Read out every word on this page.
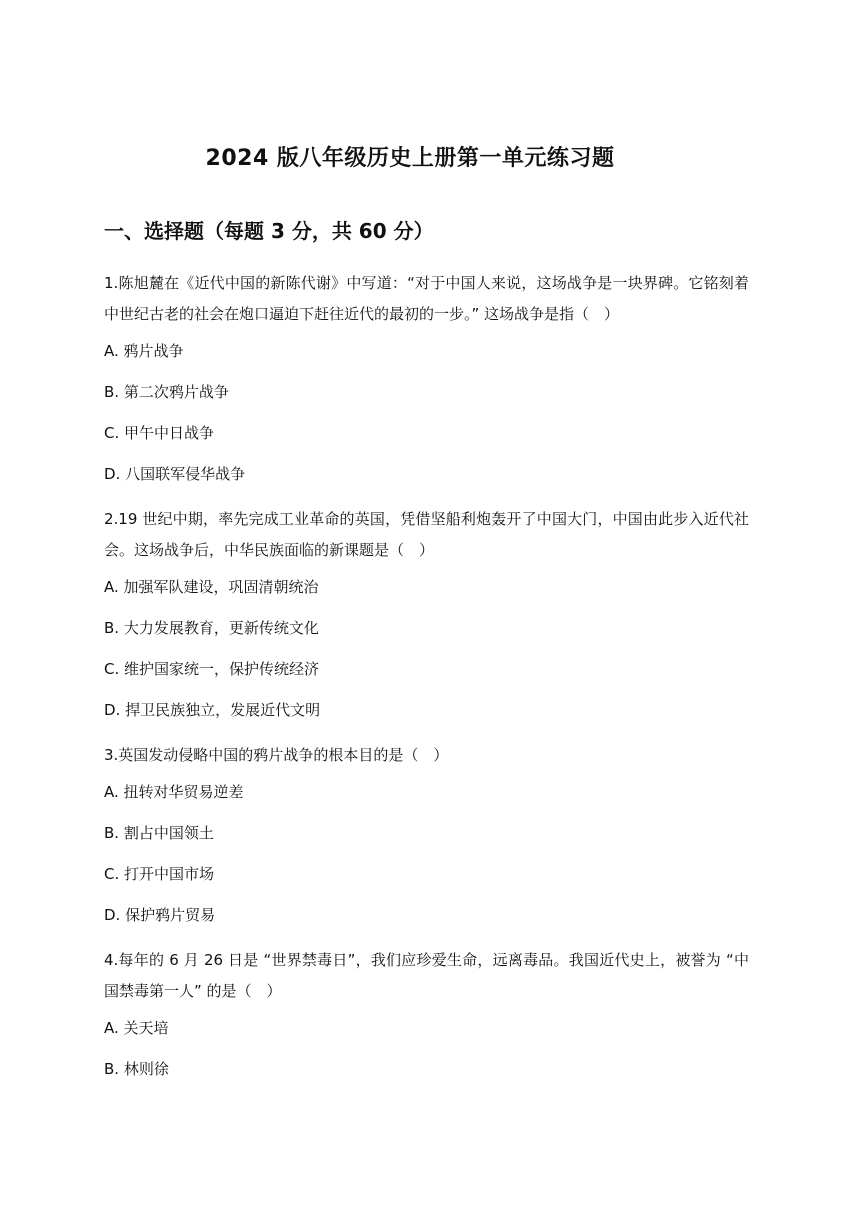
2024 版八年级历史上册第一单元练习题
一、选择题（每题 3 分，共 60 分）
1.陈旭麓在《近代中国的新陈代谢》中写道：“对于中国人来说，这场战争是一块界碑。它铭刻着中世纪古老的社会在炮口逼迫下赶往近代的最初的一步。” 这场战争是指（　）
A. 鸦片战争
B. 第二次鸦片战争
C. 甲午中日战争
D. 八国联军侵华战争
2.19 世纪中期，率先完成工业革命的英国，凭借坚船利炮轰开了中国大门，中国由此步入近代社会。这场战争后，中华民族面临的新课题是（　）
A. 加强军队建设，巩固清朝统治
B. 大力发展教育，更新传统文化
C. 维护国家统一，保护传统经济
D. 捍卫民族独立，发展近代文明
3.英国发动侵略中国的鸦片战争的根本目的是（　）
A. 扭转对华贸易逆差
B. 割占中国领土
C. 打开中国市场
D. 保护鸦片贸易
4.每年的 6 月 26 日是 “世界禁毒日”，我们应珍爱生命，远离毒品。我国近代史上，被誉为 “中国禁毒第一人” 的是（　）
A. 关天培
B. 林则徐
